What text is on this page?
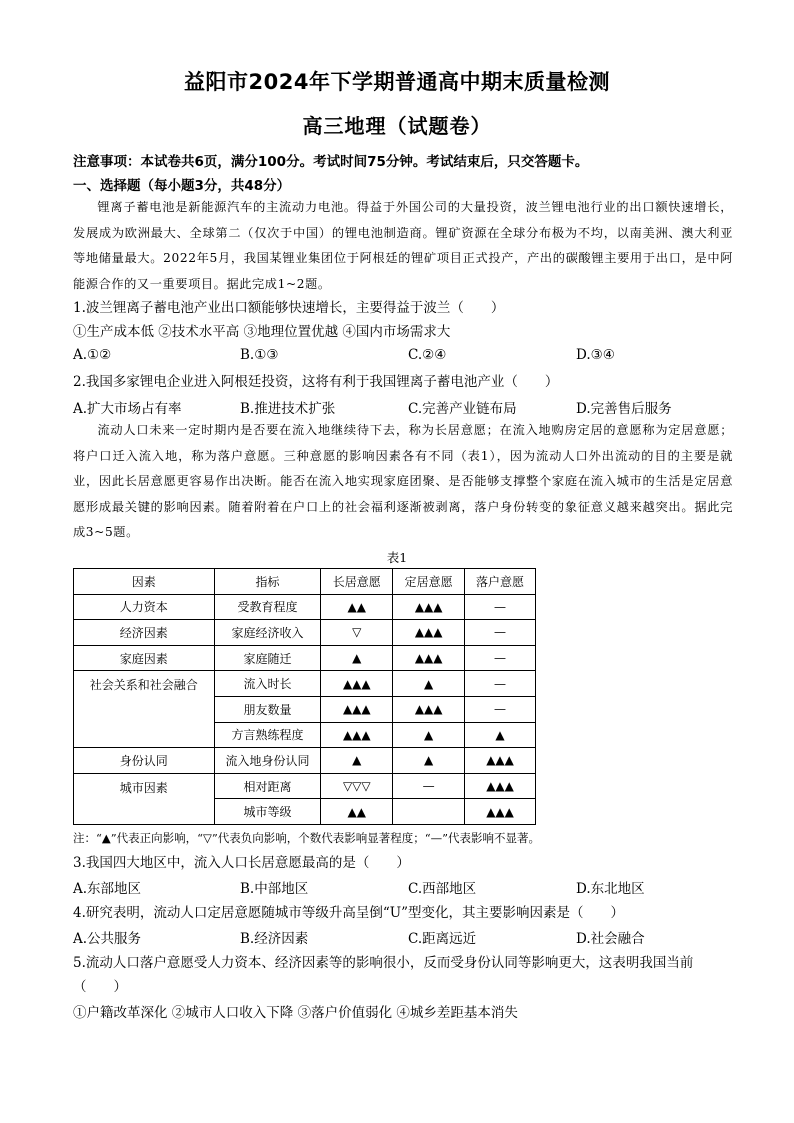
益阳市2024年下学期普通高中期末质量检测
高三地理（试题卷）
注意事项：本试卷共6页，满分100分。考试时间75分钟。考试结束后，只交答题卡。
一、选择题（每小题3分，共48分）
锂离子蓄电池是新能源汽车的主流动力电池。得益于外国公司的大量投资，波兰锂电池行业的出口额快速增长，发展成为欧洲最大、全球第二（仅次于中国）的锂电池制造商。锂矿资源在全球分布极为不均，以南美洲、澳大利亚等地储量最大。2022年5月，我国某锂业集团位于阿根廷的锂矿项目正式投产，产出的碳酸锂主要用于出口，是中阿能源合作的又一重要项目。据此完成1~2题。
1.波兰锂离子蓄电池产业出口额能够快速增长，主要得益于波兰（　　）
①生产成本低 ②技术水平高 ③地理位置优越 ④国内市场需求大
A.①②	B.①③	C.②④	D.③④
2.我国多家锂电企业进入阿根廷投资，这将有利于我国锂离子蓄电池产业（　　）
A.扩大市场占有率	B.推进技术扩张	C.完善产业链布局	D.完善售后服务
流动人口未来一定时期内是否要在流入地继续待下去，称为长居意愿；在流入地购房定居的意愿称为定居意愿；将户口迁入流入地，称为落户意愿。三种意愿的影响因素各有不同（表1），因为流动人口外出流动的目的主要是就业，因此长居意愿更容易作出决断。能否在流入地实现家庭团聚、是否能够支撑整个家庭在流入城市的生活是定居意愿形成最关键的影响因素。随着附着在户口上的社会福利逐渐被剥离，落户身份转变的象征意义越来越突出。据此完成3~5题。
表1
因素	指标	长居意愿	定居意愿	落户意愿
人力资本	受教育程度	▲▲	▲▲▲	—
经济因素	家庭经济收入	▽	▲▲▲	—
家庭因素	家庭随迁	▲	▲▲▲	—
社会关系和社会融合	流入时长	▲▲▲	▲	—
	朋友数量	▲▲▲	▲▲▲	—
	方言熟练程度	▲▲▲	▲	▲
身份认同	流入地身份认同	▲	▲	▲▲▲
城市因素	相对距离	▽▽▽	—	▲▲▲
	城市等级	▲▲		▲▲▲
注：“▲”代表正向影响，“▽”代表负向影响，个数代表影响显著程度；“—”代表影响不显著。
3.我国四大地区中，流入人口长居意愿最高的是（　　）
A.东部地区	B.中部地区	C.西部地区	D.东北地区
4.研究表明，流动人口定居意愿随城市等级升高呈倒“U”型变化，其主要影响因素是（　　）
A.公共服务	B.经济因素	C.距离远近	D.社会融合
5.流动人口落户意愿受人力资本、经济因素等的影响很小，反而受身份认同等影响更大，这表明我国当前（　　）
①户籍改革深化 ②城市人口收入下降 ③落户价值弱化 ④城乡差距基本消失
